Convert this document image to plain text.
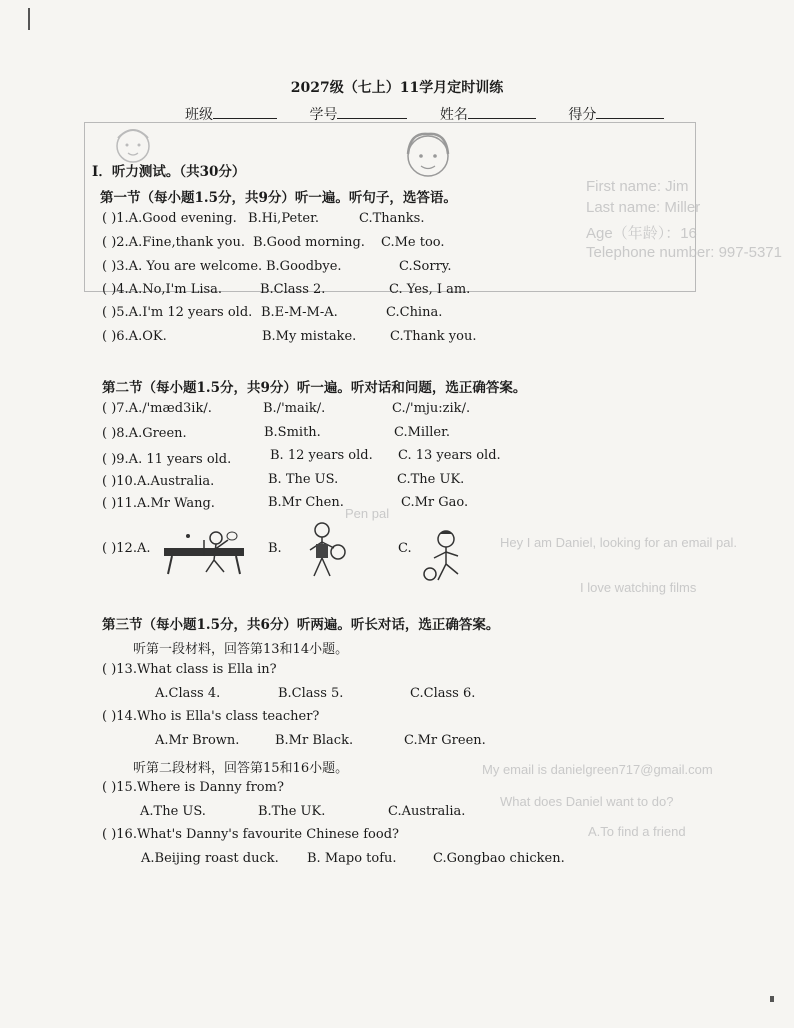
First name: Jim
Last name: Miller
Age（年龄）：16
Telephone number: 997-5371
Hey I am Daniel, looking for an email pal.
I love watching films
My email is danielgreen717@gmail.com
What does Daniel want to do?
A.To find a friend
Pen pal
2027级（七上）11学月定时训练
班级	学号	姓名	得分
I．听力测试。（共30分）
第一节（每小题1.5分，共9分）听一遍。听句子，选答语。
( )1.A.Good evening. B.Hi,Peter.	C.Thanks.
( )2.A.Fine,thank you. B.Good morning. C.Me too.
( )3.A. You are welcome. B.Goodbye.	C.Sorry.
( )4.A.No,I'm Lisa.	B.Class 2.	C. Yes, I am.
( )5.A.I'm 12 years old. B.E-M-M-A.	C.China.
( )6.A.OK.	B.My mistake.	C.Thank you.
第二节（每小题1.5分，共9分）听一遍。听对话和问题，选正确答案。
( )7.A./'mæd3ik/.	B./'maik/.	C./'mju:zik/.
( )8.A.Green.	B.Smith.	C.Miller.
( )9.A. 11 years old.	B. 12 years old. C. 13 years old.
( )10.A.Australia.	B. The US.	C.The UK.
( )11.A.Mr Wang.	B.Mr Chen.	C.Mr Gao.
( )12.A.	B.	C.
第三节（每小题1.5分，共6分）听两遍。听长对话，选正确答案。
听第一段材料，回答第13和14小题。
( )13.What class is Ella in?
A.Class 4.	B.Class 5.	C.Class 6.
( )14.Who is Ella's class teacher?
A.Mr Brown.	B.Mr Black.	C.Mr Green.
听第二段材料，回答第15和16小题。
( )15.Where is Danny from?
A.The US.	B.The UK.	C.Australia.
( )16.What's Danny's favourite Chinese food?
A.Beijing roast duck. B. Mapo tofu.	C.Gongbao chicken.
